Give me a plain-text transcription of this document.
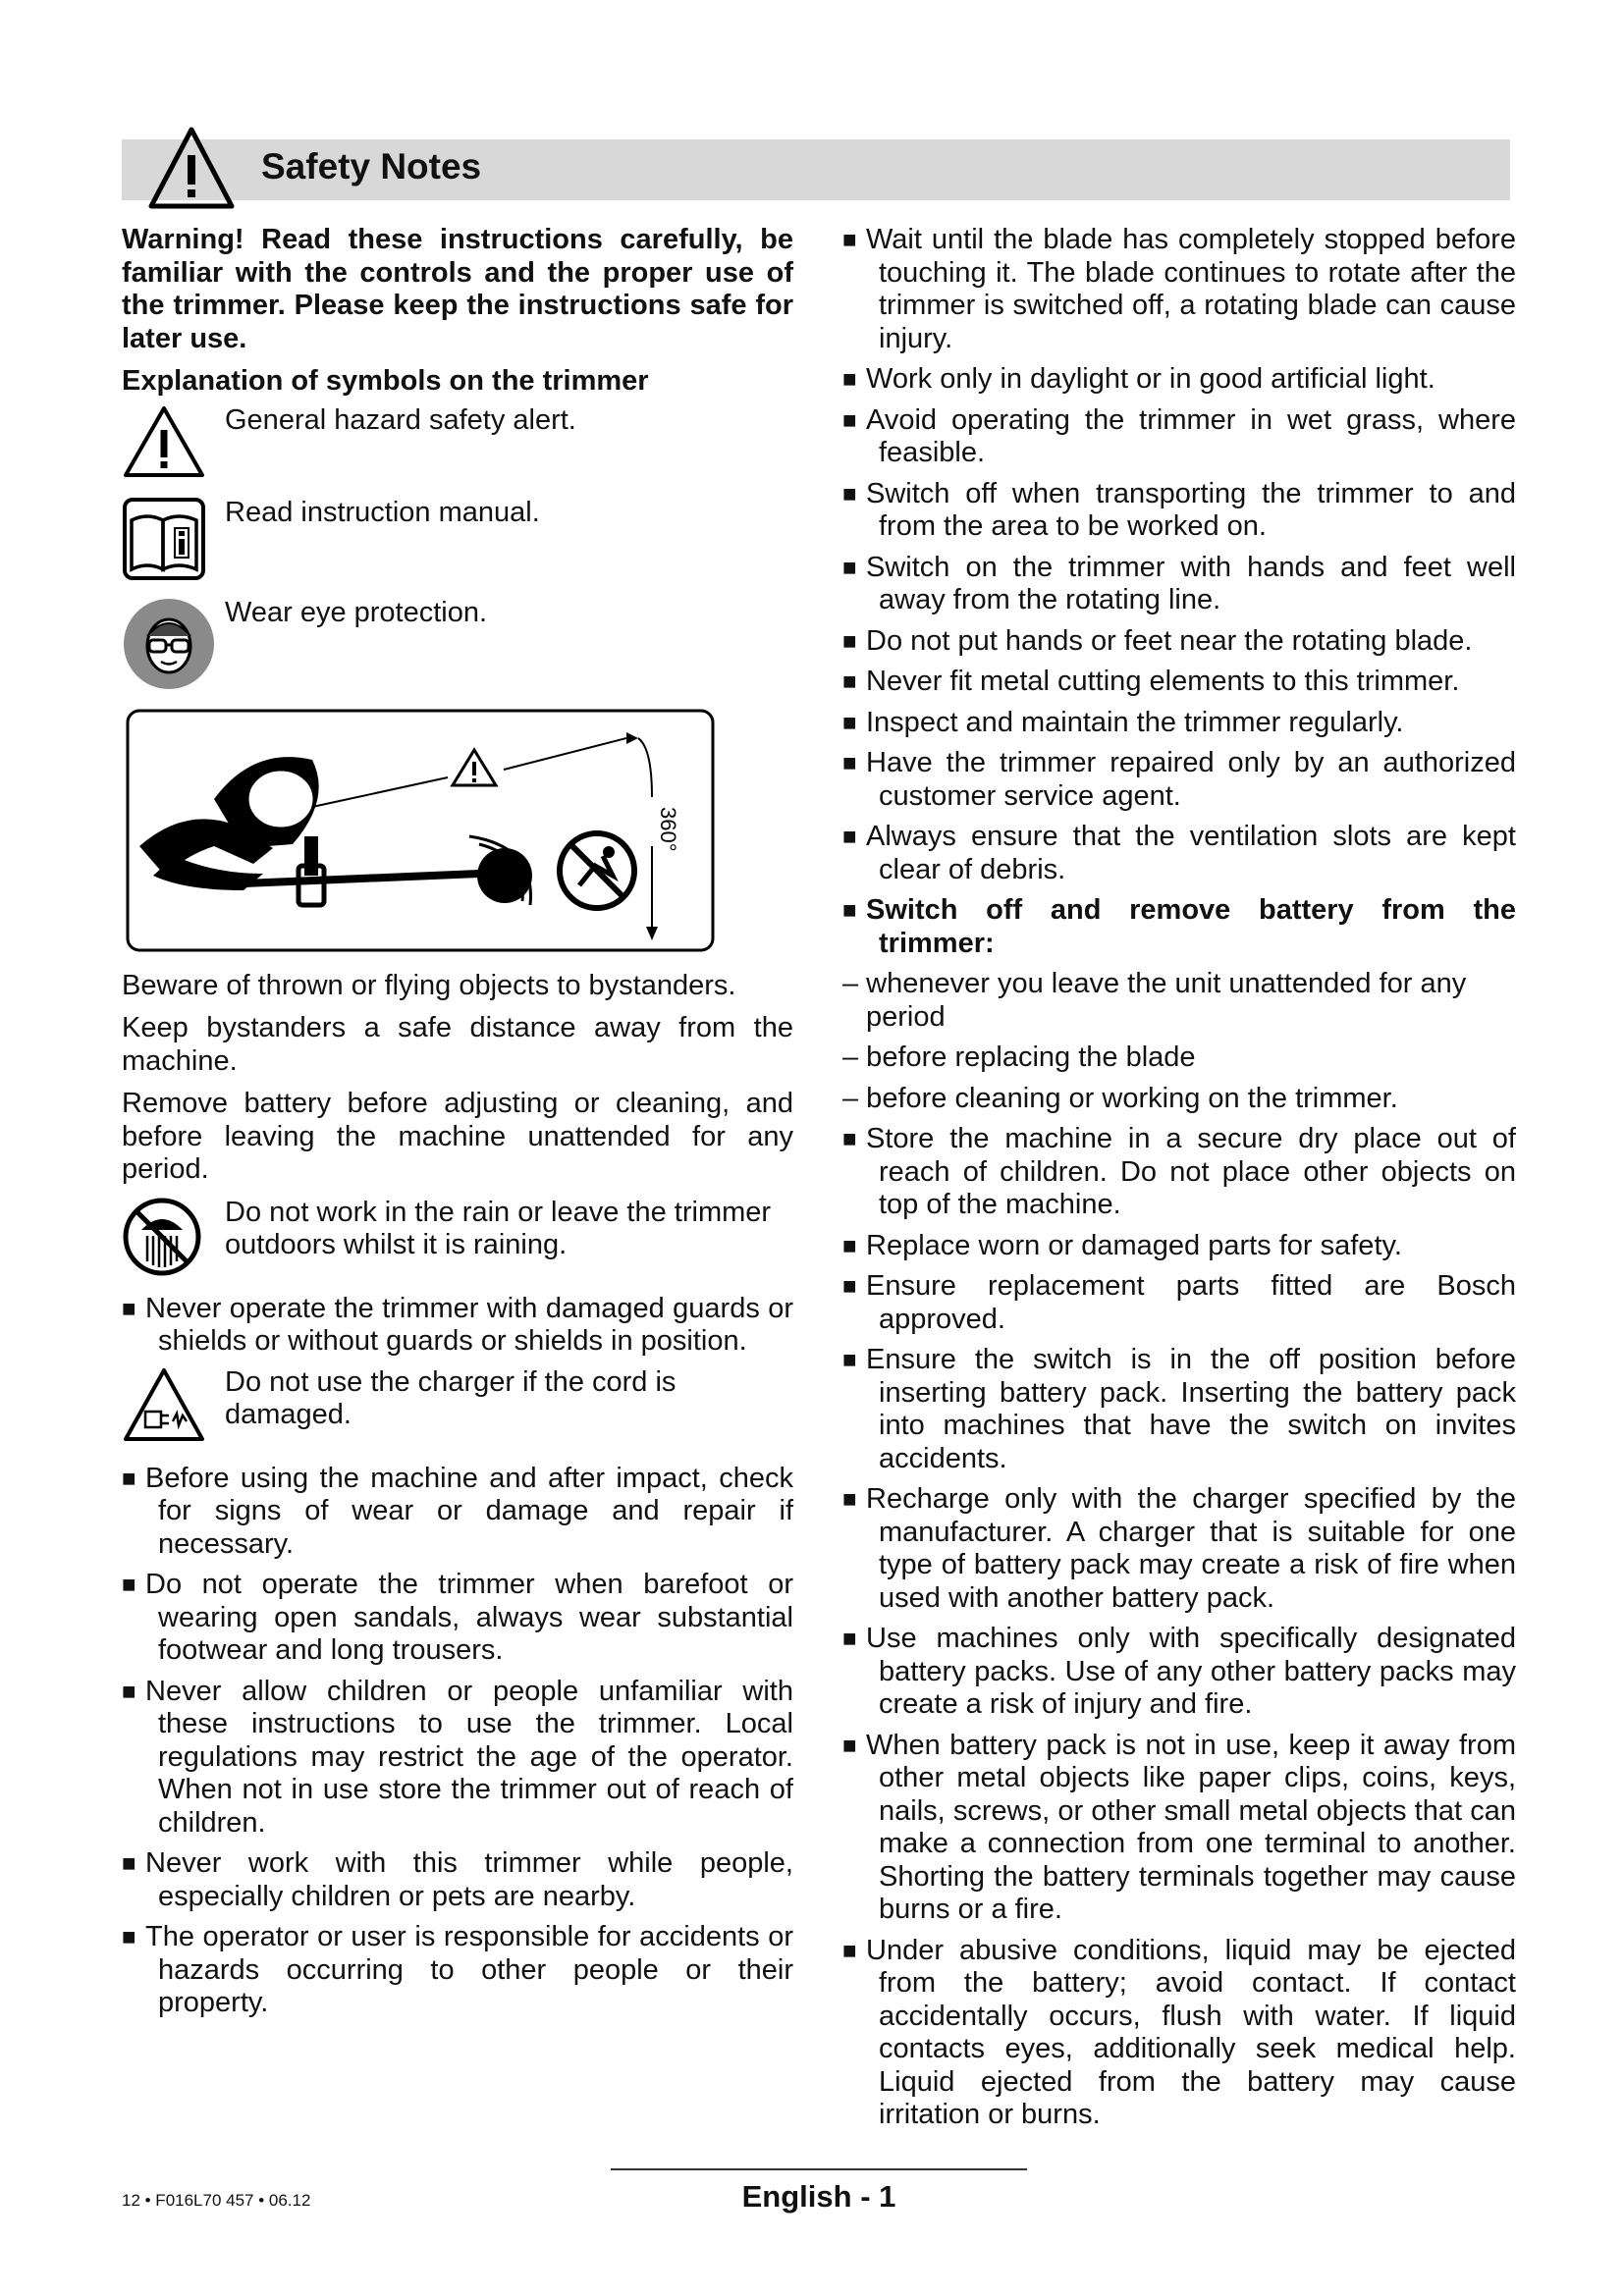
Safety Notes

Warning! Read these instructions carefully, be familiar with the controls and the proper use of the trimmer. Please keep the instructions safe for later use.

Explanation of symbols on the trimmer

General hazard safety alert.
Read instruction manual.
Wear eye protection.
360°

Beware of thrown or flying objects to bystanders.

Keep bystanders a safe distance away from the machine.

Remove battery before adjusting or cleaning, and before leaving the machine unattended for any period.

Do not work in the rain or leave the trimmer outdoors whilst it is raining.

■ Never operate the trimmer with damaged guards or shields or without guards or shields in position.

Do not use the charger if the cord is damaged.

■ Before using the machine and after impact, check for signs of wear or damage and repair if necessary.

■ Do not operate the trimmer when barefoot or wearing open sandals, always wear substantial footwear and long trousers.

■ Never allow children or people unfamiliar with these instructions to use the trimmer. Local regulations may restrict the age of the operator. When not in use store the trimmer out of reach of children.

■ Never work with this trimmer while people, especially children or pets are nearby.

■ The operator or user is responsible for accidents or hazards occurring to other people or their property.

■ Wait until the blade has completely stopped before touching it. The blade continues to rotate after the trimmer is switched off, a rotating blade can cause injury.

■ Work only in daylight or in good artificial light.

■ Avoid operating the trimmer in wet grass, where feasible.

■ Switch off when transporting the trimmer to and from the area to be worked on.

■ Switch on the trimmer with hands and feet well away from the rotating line.

■ Do not put hands or feet near the rotating blade.

■ Never fit metal cutting elements to this trimmer.

■ Inspect and maintain the trimmer regularly.

■ Have the trimmer repaired only by an authorized customer service agent.

■ Always ensure that the ventilation slots are kept clear of debris.

■ Switch off and remove battery from the trimmer:

– whenever you leave the unit unattended for any period

– before replacing the blade

– before cleaning or working on the trimmer.

■ Store the machine in a secure dry place out of reach of children. Do not place other objects on top of the machine.

■ Replace worn or damaged parts for safety.

■ Ensure replacement parts fitted are Bosch approved.

■ Ensure the switch is in the off position before inserting battery pack. Inserting the battery pack into machines that have the switch on invites accidents.

■ Recharge only with the charger specified by the manufacturer. A charger that is suitable for one type of battery pack may create a risk of fire when used with another battery pack.

■ Use machines only with specifically designated battery packs. Use of any other battery packs may create a risk of injury and fire.

■ When battery pack is not in use, keep it away from other metal objects like paper clips, coins, keys, nails, screws, or other small metal objects that can make a connection from one terminal to another. Shorting the battery terminals together may cause burns or a fire.

■ Under abusive conditions, liquid may be ejected from the battery; avoid contact. If contact accidentally occurs, flush with water. If liquid contacts eyes, additionally seek medical help. Liquid ejected from the battery may cause irritation or burns.

12 • F016L70 457 • 06.12	English - 1
